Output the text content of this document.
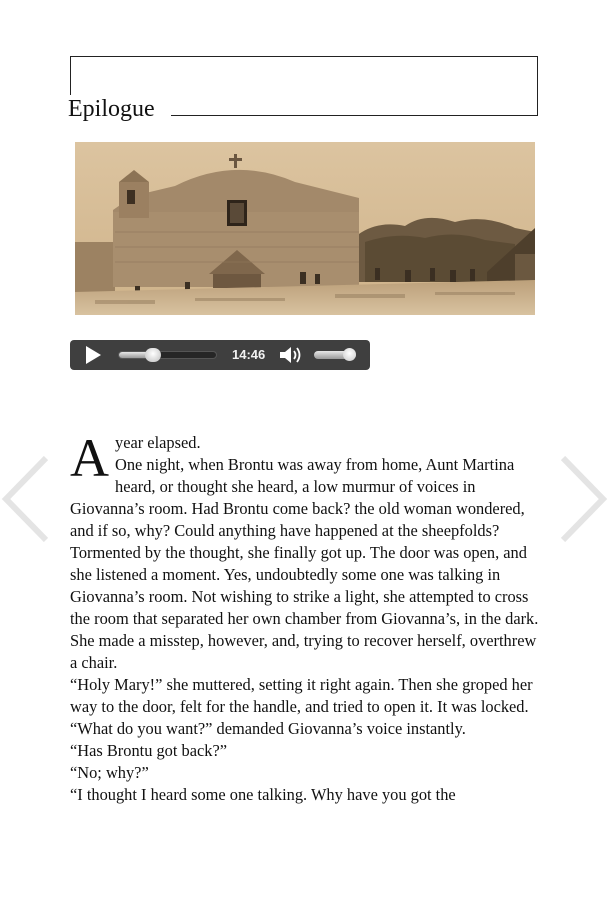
Epilogue
14:46

A year elapsed.

One night, when Brontu was away from home, Aunt Martina heard, or thought she heard, a low murmur of voices in Giovanna’s room. Had Brontu come back? the old woman wondered, and if so, why? Could anything have happened at the sheepfolds?

Tormented by the thought, she finally got up. The door was open, and she listened a moment. Yes, undoubtedly some one was talking in Giovanna’s room. Not wishing to strike a light, she attempted to cross the room that separated her own chamber from Giovanna’s, in the dark. She made a misstep, however, and, trying to recover herself, overthrew a chair.

“Holy Mary!” she muttered, setting it right again. Then she groped her way to the door, felt for the handle, and tried to open it. It was locked.

“What do you want?” demanded Giovanna’s voice instantly.

“Has Brontu got back?”

“No; why?”

“I thought I heard some one talking. Why have you got the
